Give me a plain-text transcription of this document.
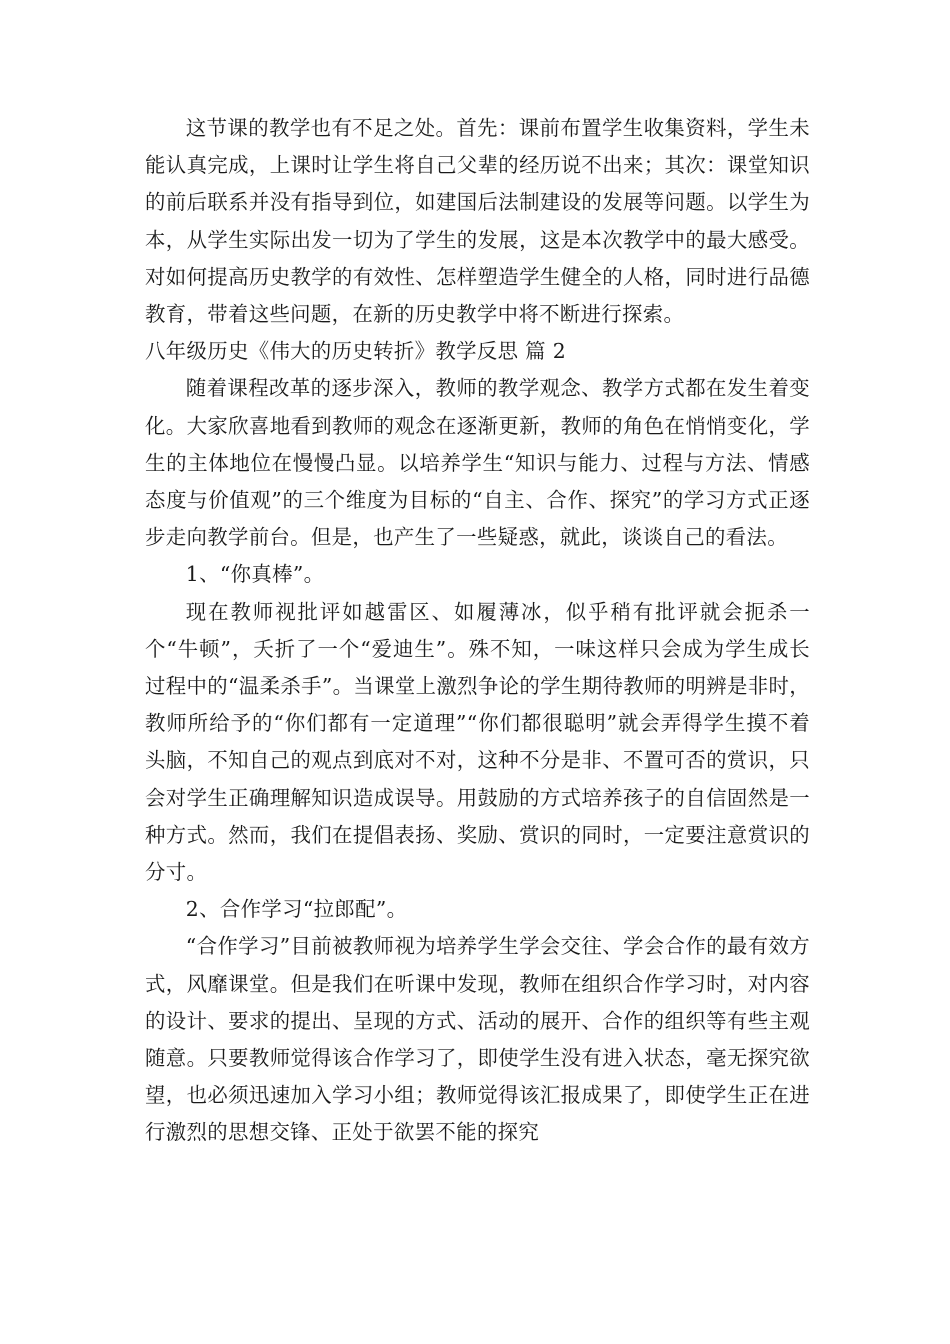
这节课的教学也有不足之处。首先：课前布置学生收集资料，学生未能认真完成，上课时让学生将自己父辈的经历说不出来；其次：课堂知识的前后联系并没有指导到位，如建国后法制建设的发展等问题。以学生为本，从学生实际出发一切为了学生的发展，这是本次教学中的最大感受。对如何提高历史教学的有效性、怎样塑造学生健全的人格，同时进行品德教育，带着这些问题，在新的历史教学中将不断进行探索。

八年级历史《伟大的历史转折》教学反思 篇 2

随着课程改革的逐步深入，教师的教学观念、教学方式都在发生着变化。大家欣喜地看到教师的观念在逐渐更新，教师的角色在悄悄变化，学生的主体地位在慢慢凸显。以培养学生“知识与能力、过程与方法、情感态度与价值观”的三个维度为目标的“自主、合作、探究”的学习方式正逐步走向教学前台。但是，也产生了一些疑惑，就此，谈谈自己的看法。

1、“你真棒”。

现在教师视批评如越雷区、如履薄冰，似乎稍有批评就会扼杀一个“牛顿”，夭折了一个“爱迪生”。殊不知，一味这样只会成为学生成长过程中的“温柔杀手”。当课堂上激烈争论的学生期待教师的明辨是非时，教师所给予的“你们都有一定道理”“你们都很聪明”就会弄得学生摸不着头脑，不知自己的观点到底对不对，这种不分是非、不置可否的赏识，只会对学生正确理解知识造成误导。用鼓励的方式培养孩子的自信固然是一种方式。然而，我们在提倡表扬、奖励、赏识的同时，一定要注意赏识的分寸。

2、合作学习“拉郎配”。

“合作学习”目前被教师视为培养学生学会交往、学会合作的最有效方式，风靡课堂。但是我们在听课中发现，教师在组织合作学习时，对内容的设计、要求的提出、呈现的方式、活动的展开、合作的组织等有些主观随意。只要教师觉得该合作学习了，即使学生没有进入状态，毫无探究欲望，也必须迅速加入学习小组；教师觉得该汇报成果了，即使学生正在进行激烈的思想交锋、正处于欲罢不能的探究
